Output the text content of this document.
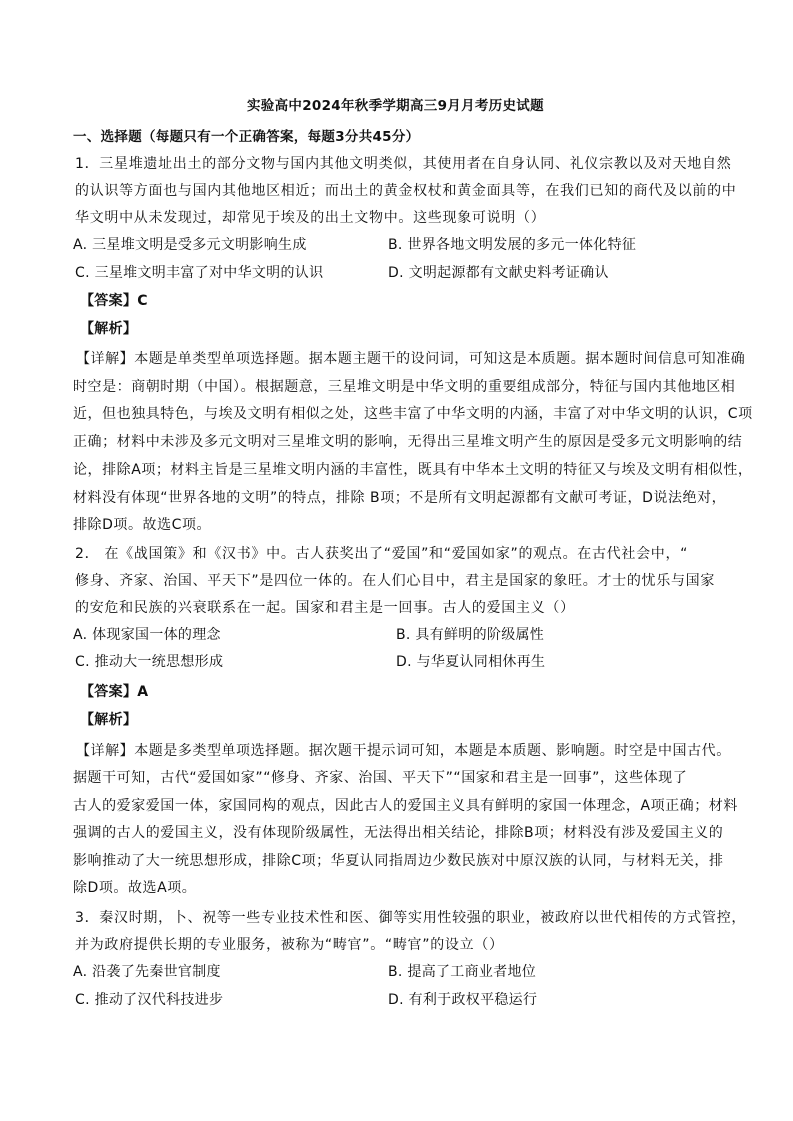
实验高中2024年秋季学期高三9月月考历史试题
一、选择题（每题只有一个正确答案，每题3分共45分）
1．三星堆遗址出土的部分文物与国内其他文明类似，其使用者在自身认同、礼仪宗教以及对天地自然
的认识等方面也与国内其他地区相近；而出土的黄金权杖和黄金面具等，在我们已知的商代及以前的中
华文明中从未发现过，却常见于埃及的出土文物中。这些现象可说明（）
A. 三星堆文明是受多元文明影响生成	B. 世界各地文明发展的多元一体化特征
C. 三星堆文明丰富了对中华文明的认识	D. 文明起源都有文献史料考证确认
【答案】C
【解析】
【详解】本题是单类型单项选择题。据本题主题干的设问词，可知这是本质题。据本题时间信息可知准确
时空是：商朝时期（中国）。根据题意，三星堆文明是中华文明的重要组成部分，特征与国内其他地区相
近，但也独具特色，与埃及文明有相似之处，这些丰富了中华文明的内涵，丰富了对中华文明的认识，C项
正确；材料中未涉及多元文明对三星堆文明的影响，无得出三星堆文明产生的原因是受多元文明影响的结
论，排除A项；材料主旨是三星堆文明内涵的丰富性，既具有中华本土文明的特征又与埃及文明有相似性，
材料没有体现“世界各地的文明”的特点，排除 B项；不是所有文明起源都有文献可考证，D说法绝对，
排除D项。故选C项。
2． 在《战国策》和《汉书》中。古人获奖出了“爱国”和“爱国如家”的观点。在古代社会中，“
修身、齐家、治国、平天下”是四位一体的。在人们心目中，君主是国家的象旺。才士的忧乐与国家
的安危和民族的兴衰联系在一起。国家和君主是一回事。古人的爱国主义（）
A. 体现家国一体的理念	B. 具有鲜明的阶级属性
C. 推动大一统思想形成	D. 与华夏认同相休再生
【答案】A
【解析】
【详解】本题是多类型单项选择题。据次题干提示词可知，本题是本质题、影响题。时空是中国古代。
据题干可知，古代“爱国如家”“修身、齐家、治国、平天下”“国家和君主是一回事”，这些体现了
古人的爱家爱国一体，家国同构的观点，因此古人的爱国主义具有鲜明的家国一体理念，A项正确；材料
强调的古人的爱国主义，没有体现阶级属性，无法得出相关结论，排除B项；材料没有涉及爱国主义的
影响推动了大一统思想形成，排除C项；华夏认同指周边少数民族对中原汉族的认同，与材料无关，排
除D项。故选A项。
3．秦汉时期，卜、祝等一些专业技术性和医、御等实用性较强的职业，被政府以世代相传的方式管控，
并为政府提供长期的专业服务，被称为“畴官”。“畴官”的设立（）
A. 沿袭了先秦世官制度	B. 提高了工商业者地位
C. 推动了汉代科技进步	D. 有利于政权平稳运行
